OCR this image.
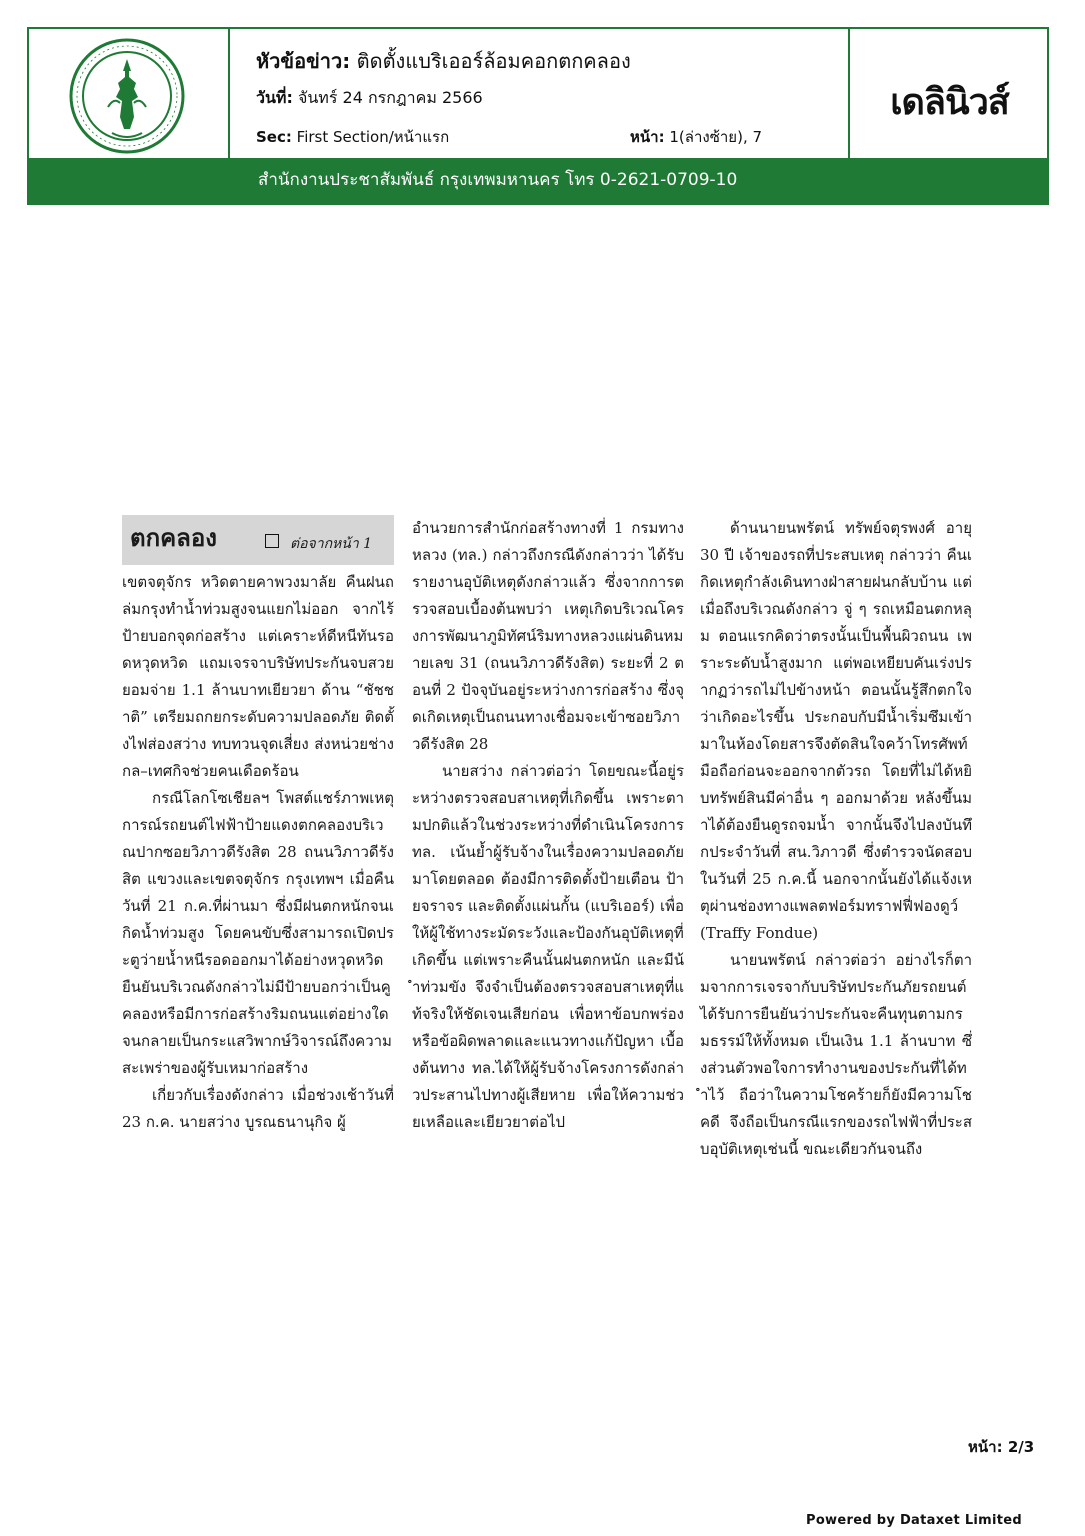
หัวข้อข่าว: ติดตั้งแบริเออร์ล้อมคอกตกคลอง
วันที่: จันทร์ 24 กรกฎาคม 2566
Sec: First Section/หน้าแรก	หน้า: 1(ล่างซ้าย), 7
เดลินิวส์
สำนักงานประชาสัมพันธ์ กรุงเทพมหานคร โทร 0-2621-0709-10
ตกคลอง	ต่อจากหน้า 1

เขตจตุจักร หวิดตายคาพวงมาลัย คืนฝนถล่มกรุงทำน้ำท่วมสูงจนแยกไม่ออก จากไร้ป้ายบอกจุดก่อสร้าง แต่เคราะห์ดีหนีทันรอดหวุดหวิด แถมเจรจาบริษัทประกันจบสวย ยอมจ่าย 1.1 ล้านบาทเยียวยา ด้าน “ชัชชาติ” เตรียมถกยกระดับความปลอดภัย ติดตั้งไฟส่องสว่าง ทบทวนจุดเสี่ยง ส่งหน่วยช่างกล–เทศกิจช่วยคนเดือดร้อน

กรณีโลกโซเชียลฯ โพสต์แชร์ภาพเหตุการณ์รถยนต์ไฟฟ้าป้ายแดงตกคลองบริเวณปากซอยวิภาวดีรังสิต 28 ถนนวิภาวดีรังสิต แขวงและเขตจตุจักร กรุงเทพฯ เมื่อคืนวันที่ 21 ก.ค.ที่ผ่านมา ซึ่งมีฝนตกหนักจนเกิดน้ำท่วมสูง โดยคนขับซึ่งสามารถเปิดประตูว่ายน้ำหนีรอดออกมาได้อย่างหวุดหวิด ยืนยันบริเวณดังกล่าวไม่มีป้ายบอกว่าเป็นคูคลองหรือมีการก่อสร้างริมถนนแต่อย่างใด จนกลายเป็นกระแสวิพากษ์วิจารณ์ถึงความสะเพร่าของผู้รับเหมาก่อสร้าง

เกี่ยวกับเรื่องดังกล่าว เมื่อช่วงเช้าวันที่ 23 ก.ค. นายสว่าง บูรณธนานุกิจ ผู้

อำนวยการสำนักก่อสร้างทางที่ 1 กรมทางหลวง (ทล.) กล่าวถึงกรณีดังกล่าวว่า ได้รับรายงานอุบัติเหตุดังกล่าวแล้ว ซึ่งจากการตรวจสอบเบื้องต้นพบว่า เหตุเกิดบริเวณโครงการพัฒนาภูมิทัศน์ริมทางหลวงแผ่นดินหมายเลข 31 (ถนนวิภาวดีรังสิต) ระยะที่ 2 ตอนที่ 2 ปัจจุบันอยู่ระหว่างการก่อสร้าง ซึ่งจุดเกิดเหตุเป็นถนนทางเชื่อมจะเข้าซอยวิภาวดีรังสิต 28

นายสว่าง กล่าวต่อว่า โดยขณะนี้อยู่ระหว่างตรวจสอบสาเหตุที่เกิดขึ้น เพราะตามปกติแล้วในช่วงระหว่างที่ดำเนินโครงการ ทล. เน้นย้ำผู้รับจ้างในเรื่องความปลอดภัยมาโดยตลอด ต้องมีการติดตั้งป้ายเตือน ป้ายจราจร และติดตั้งแผ่นกั้น (แบริเออร์) เพื่อให้ผู้ใช้ทางระมัดระวังและป้องกันอุบัติเหตุที่เกิดขึ้น แต่เพราะคืนนั้นฝนตกหนัก และมีน้ำท่วมขัง จึงจำเป็นต้องตรวจสอบสาเหตุที่แท้จริงให้ชัดเจนเสียก่อน เพื่อหาข้อบกพร่องหรือข้อผิดพลาดและแนวทางแก้ปัญหา เบื้องต้นทาง ทล.ได้ให้ผู้รับจ้างโครงการดังกล่าวประสานไปทางผู้เสียหาย เพื่อให้ความช่วยเหลือและเยียวยาต่อไป

ด้านนายนพรัตน์ ทรัพย์จตุรพงศ์ อายุ 30 ปี เจ้าของรถที่ประสบเหตุ กล่าวว่า คืนเกิดเหตุกำลังเดินทางฝ่าสายฝนกลับบ้าน แต่เมื่อถึงบริเวณดังกล่าว จู่ ๆ รถเหมือนตกหลุม ตอนแรกคิดว่าตรงนั้นเป็นพื้นผิวถนน เพราะระดับน้ำสูงมาก แต่พอเหยียบคันเร่งปรากฏว่ารถไม่ไปข้างหน้า ตอนนั้นรู้สึกตกใจว่าเกิดอะไรขึ้น ประกอบกับมีน้ำเริ่มซึมเข้ามาในห้องโดยสารจึงตัดสินใจคว้าโทรศัพท์มือถือก่อนจะออกจากตัวรถ โดยที่ไม่ได้หยิบทรัพย์สินมีค่าอื่น ๆ ออกมาด้วย หลังขึ้นมาได้ต้องยืนดูรถจมน้ำ จากนั้นจึงไปลงบันทึกประจำวันที่ สน.วิภาวดี ซึ่งตำรวจนัดสอบในวันที่ 25 ก.ค.นี้ นอกจากนั้นยังได้แจ้งเหตุผ่านช่องทางแพลตฟอร์มทราฟฟี่ฟองดูว์ (Traffy Fondue)

นายนพรัตน์ กล่าวต่อว่า อย่างไรก็ตามจากการเจรจากับบริษัทประกันภัยรถยนต์ได้รับการยืนยันว่าประกันจะคืนทุนตามกรมธรรม์ให้ทั้งหมด เป็นเงิน 1.1 ล้านบาท ซึ่งส่วนตัวพอใจการทำงานของประกันที่ได้ทำไว้ ถือว่าในความโชคร้ายก็ยังมีความโชคดี จึงถือเป็นกรณีแรกของรถไฟฟ้าที่ประสบอุบัติเหตุเช่นนี้ ขณะเดียวกันจนถึง

หน้า: 2/3
Powered by Dataxet Limited
